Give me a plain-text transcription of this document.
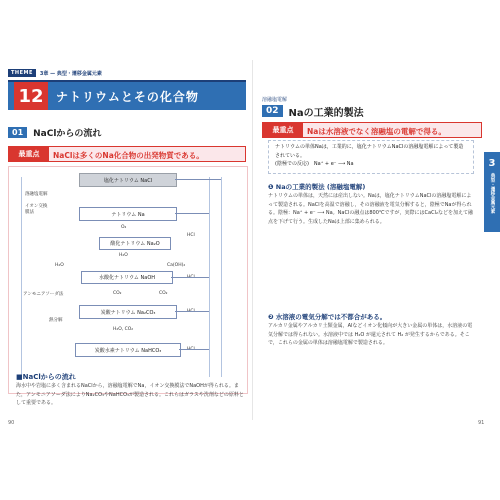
THEME	3章 — 典型・遷移金属元素
12	ナトリウムとその化合物
01	NaClからの流れ
最重点	NaClは多くのNa化合物の出発物質である。
塩化ナトリウム NaCl
溶融塩電解
イオン交換膜法	ナトリウム Na
O₂
酸化ナトリウム Na₂O
HCl
H₂O
H₂O
水酸化ナトリウム NaOH
Ca(OH)₂
アンモニアソーダ法	CO₂	CO₂
炭酸ナトリウム Na₂CO₃
熱分解
H₂O, CO₂
炭酸水素ナトリウム NaHCO₃
■NaClからの流れ
海水中や岩塩に多く含まれるNaClから，溶融塩電解でNa，イオン交換膜法でNaOHが得られる。また，アンモニアソーダ法によりNa₂CO₃やNaHCO₃が製造される。これらはガラスや洗剤などの原料として重要である。
90
溶融塩電解
02	Naの工業的製法
最重点	Naは水溶液でなく溶融塩の電解で得る。
ナトリウムの単体Naは，工業的に，塩化ナトリウムNaClの溶融塩電解によって製造されている。
(陰極での反応)　Na⁺ + e⁻ ⟶ Na
❶ Naの工業的製法 (溶融塩電解)
ナトリウムの単体は，天然には産出しない。Naは，塩化ナトリウムNaClの溶融塩電解によって製造される。NaClを高温で溶融し，その溶融液を電気分解すると，陰極でNaが得られる。陰極：Na⁺ + e⁻ ⟶ Na。NaClの融点は800℃ですが，実際にはCaCl₂などを加えて融点を下げて行う。生成したNaは上部に集められる。
❷ 水溶液の電気分解では不都合がある。
アルカリ金属やアルカリ土類金属，Alなどイオン化傾向が大きい金属の単体は，水溶液の電気分解では得られない。水溶液中では H₂O が還元されて H₂ が発生するからである。そこで，これらの金属の単体は溶融塩電解で製造される。
91
3
典型・遷移金属元素
